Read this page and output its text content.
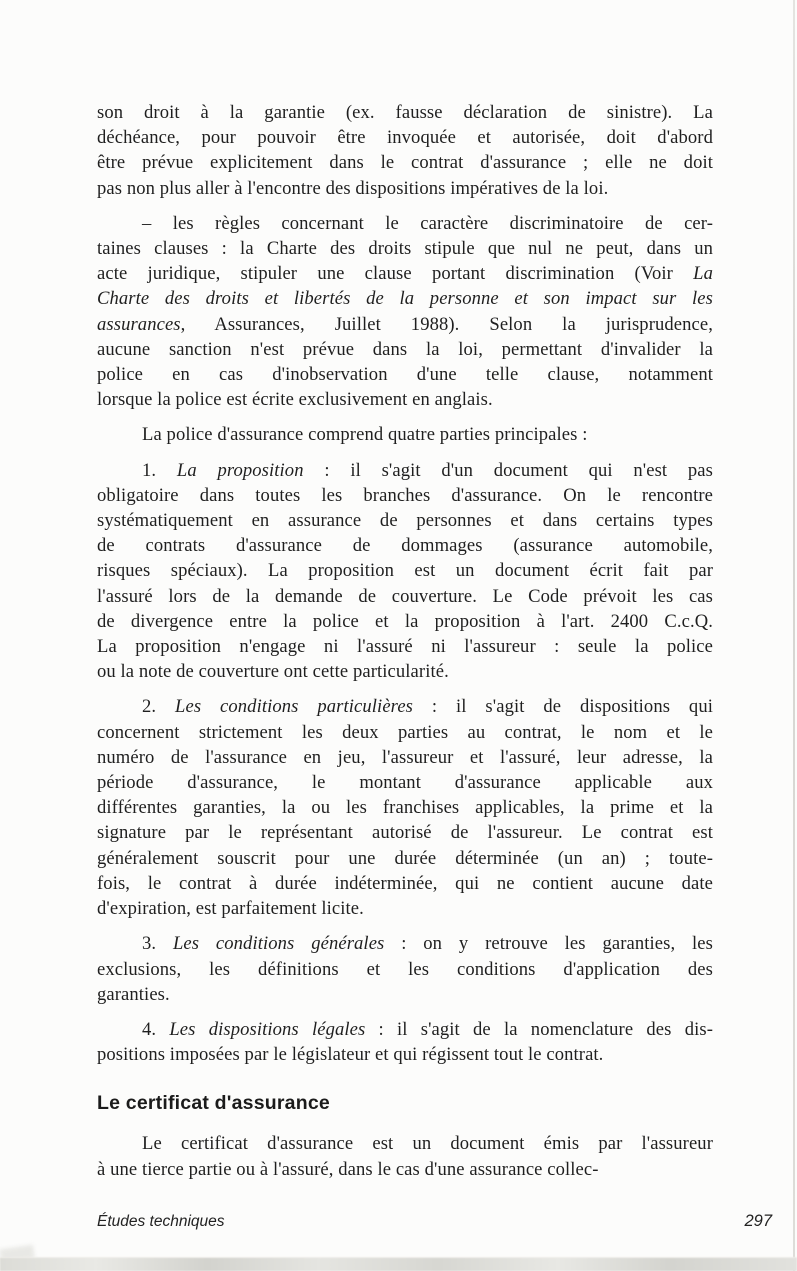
son droit à la garantie (ex. fausse déclaration de sinistre). La
déchéance, pour pouvoir être invoquée et autorisée, doit d'abord
être prévue explicitement dans le contrat d'assurance ; elle ne doit
pas non plus aller à l'encontre des dispositions impératives de la loi.
– les règles concernant le caractère discriminatoire de cer-
taines clauses : la Charte des droits stipule que nul ne peut, dans un
acte juridique, stipuler une clause portant discrimination (Voir La
Charte des droits et libertés de la personne et son impact sur les
assurances, Assurances, Juillet 1988). Selon la jurisprudence,
aucune sanction n'est prévue dans la loi, permettant d'invalider la
police en cas d'inobservation d'une telle clause, notamment
lorsque la police est écrite exclusivement en anglais.
La police d'assurance comprend quatre parties principales :
1. La proposition : il s'agit d'un document qui n'est pas
obligatoire dans toutes les branches d'assurance. On le rencontre
systématiquement en assurance de personnes et dans certains types
de contrats d'assurance de dommages (assurance automobile,
risques spéciaux). La proposition est un document écrit fait par
l'assuré lors de la demande de couverture. Le Code prévoit les cas
de divergence entre la police et la proposition à l'art. 2400 C.c.Q.
La proposition n'engage ni l'assuré ni l'assureur : seule la police
ou la note de couverture ont cette particularité.
2. Les conditions particulières : il s'agit de dispositions qui
concernent strictement les deux parties au contrat, le nom et le
numéro de l'assurance en jeu, l'assureur et l'assuré, leur adresse, la
période d'assurance, le montant d'assurance applicable aux
différentes garanties, la ou les franchises applicables, la prime et la
signature par le représentant autorisé de l'assureur. Le contrat est
généralement souscrit pour une durée déterminée (un an) ; toute-
fois, le contrat à durée indéterminée, qui ne contient aucune date
d'expiration, est parfaitement licite.
3. Les conditions générales : on y retrouve les garanties, les
exclusions, les définitions et les conditions d'application des
garanties.
4. Les dispositions légales : il s'agit de la nomenclature des dis-
positions imposées par le législateur et qui régissent tout le contrat.
Le certificat d'assurance
Le certificat d'assurance est un document émis par l'assureur
à une tierce partie ou à l'assuré, dans le cas d'une assurance collec-
Études techniques	297
